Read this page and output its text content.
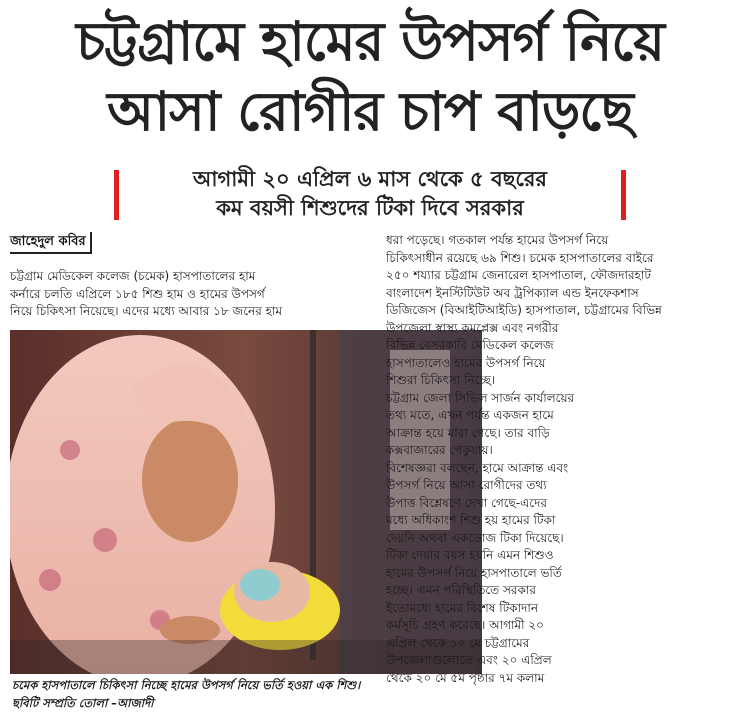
চট্টগ্রামে হামের উপসর্গ নিয়ে
আসা রোগীর চাপ বাড়ছে
আগামী ২০ এপ্রিল ৬ মাস থেকে ৫ বছরের
কম বয়সী শিশুদের টিকা দিবে সরকার
জাহেদুল কবির

চট্টগ্রাম মেডিকেল কলেজ (চমেক) হাসপাতালের হাম

কর্নারে চলতি এপ্রিলে ১৮৫ শিশু হাম ও হামের উপসর্গ

নিয়ে চিকিৎসা নিয়েছে। এদের মধ্যে আবার ১৮ জনের হাম

চমেক হাসপাতালে চিকিৎসা নিচ্ছে হামের উপসর্গ নিয়ে ভর্তি হওয়া এক শিশু।

ছবিটি সম্প্রতি তোলা –আজাদী

ধরা পড়েছে। গতকাল পর্যন্ত হামের উপসর্গ নিয়ে

চিকিৎসাধীন রয়েছে ৬৯ শিশু। চমেক হাসপাতালের বাইরে

২৫০ শয্যার চট্টগ্রাম জেনারেল হাসপাতাল, ফৌজদারহাট

বাংলাদেশ ইনস্টিটিউট অব ট্রপিক্যাল এন্ড ইনফেকশাস

ডিজিজেস (বিআইটিআইডি) হাসপাতাল, চট্টগ্রামের বিভিন্ন

উপজেলা স্বাস্থ্য কমপ্লেক্স এবং নগরীর

বিভিন্ন বেসরকারি মেডিকেল কলেজ

হাসপাতালেও হামের উপসর্গ নিয়ে

শিশুরা চিকিৎসা নিচ্ছে।

চট্টগ্রাম জেলা সিভিল সার্জন কার্যালয়ের

তথ্য মতে, এখন পর্যন্ত একজন হামে

আক্রান্ত হয়ে মারা গেছে। তার বাড়ি

কক্সবাজারের পেকুয়ায়।

বিশেষজ্ঞরা বলছেন, হামে আক্রান্ত এবং

উপসর্গ নিয়ে আসা রোগীদের তথ্য

উপাত্ত বিশ্লেষণে দেখা গেছে-এদের

মধ্যে অধিকাংশ শিশু হয় হামের টিকা

দেয়নি অথবা একডোজ টিকা দিয়েছে।

টিকা দেয়ার বয়স হয়নি এমন শিশুও

হামের উপসর্গ নিয়ে হাসপাতালে ভর্তি

হচ্ছে। এমন পরিস্থিতিতে সরকার

ইতোমধ্যে হামের বিশেষ টিকাদান

কর্মসূচি গ্রহণ করেছে। আগামী ২০

এপ্রিল থেকে ১০ মে চট্টগ্রামের

উপজেলাগুলোতে এবং ২০ এপ্রিল

থেকে ২০ মে ৫ম পৃষ্ঠার ৭ম কলাম
